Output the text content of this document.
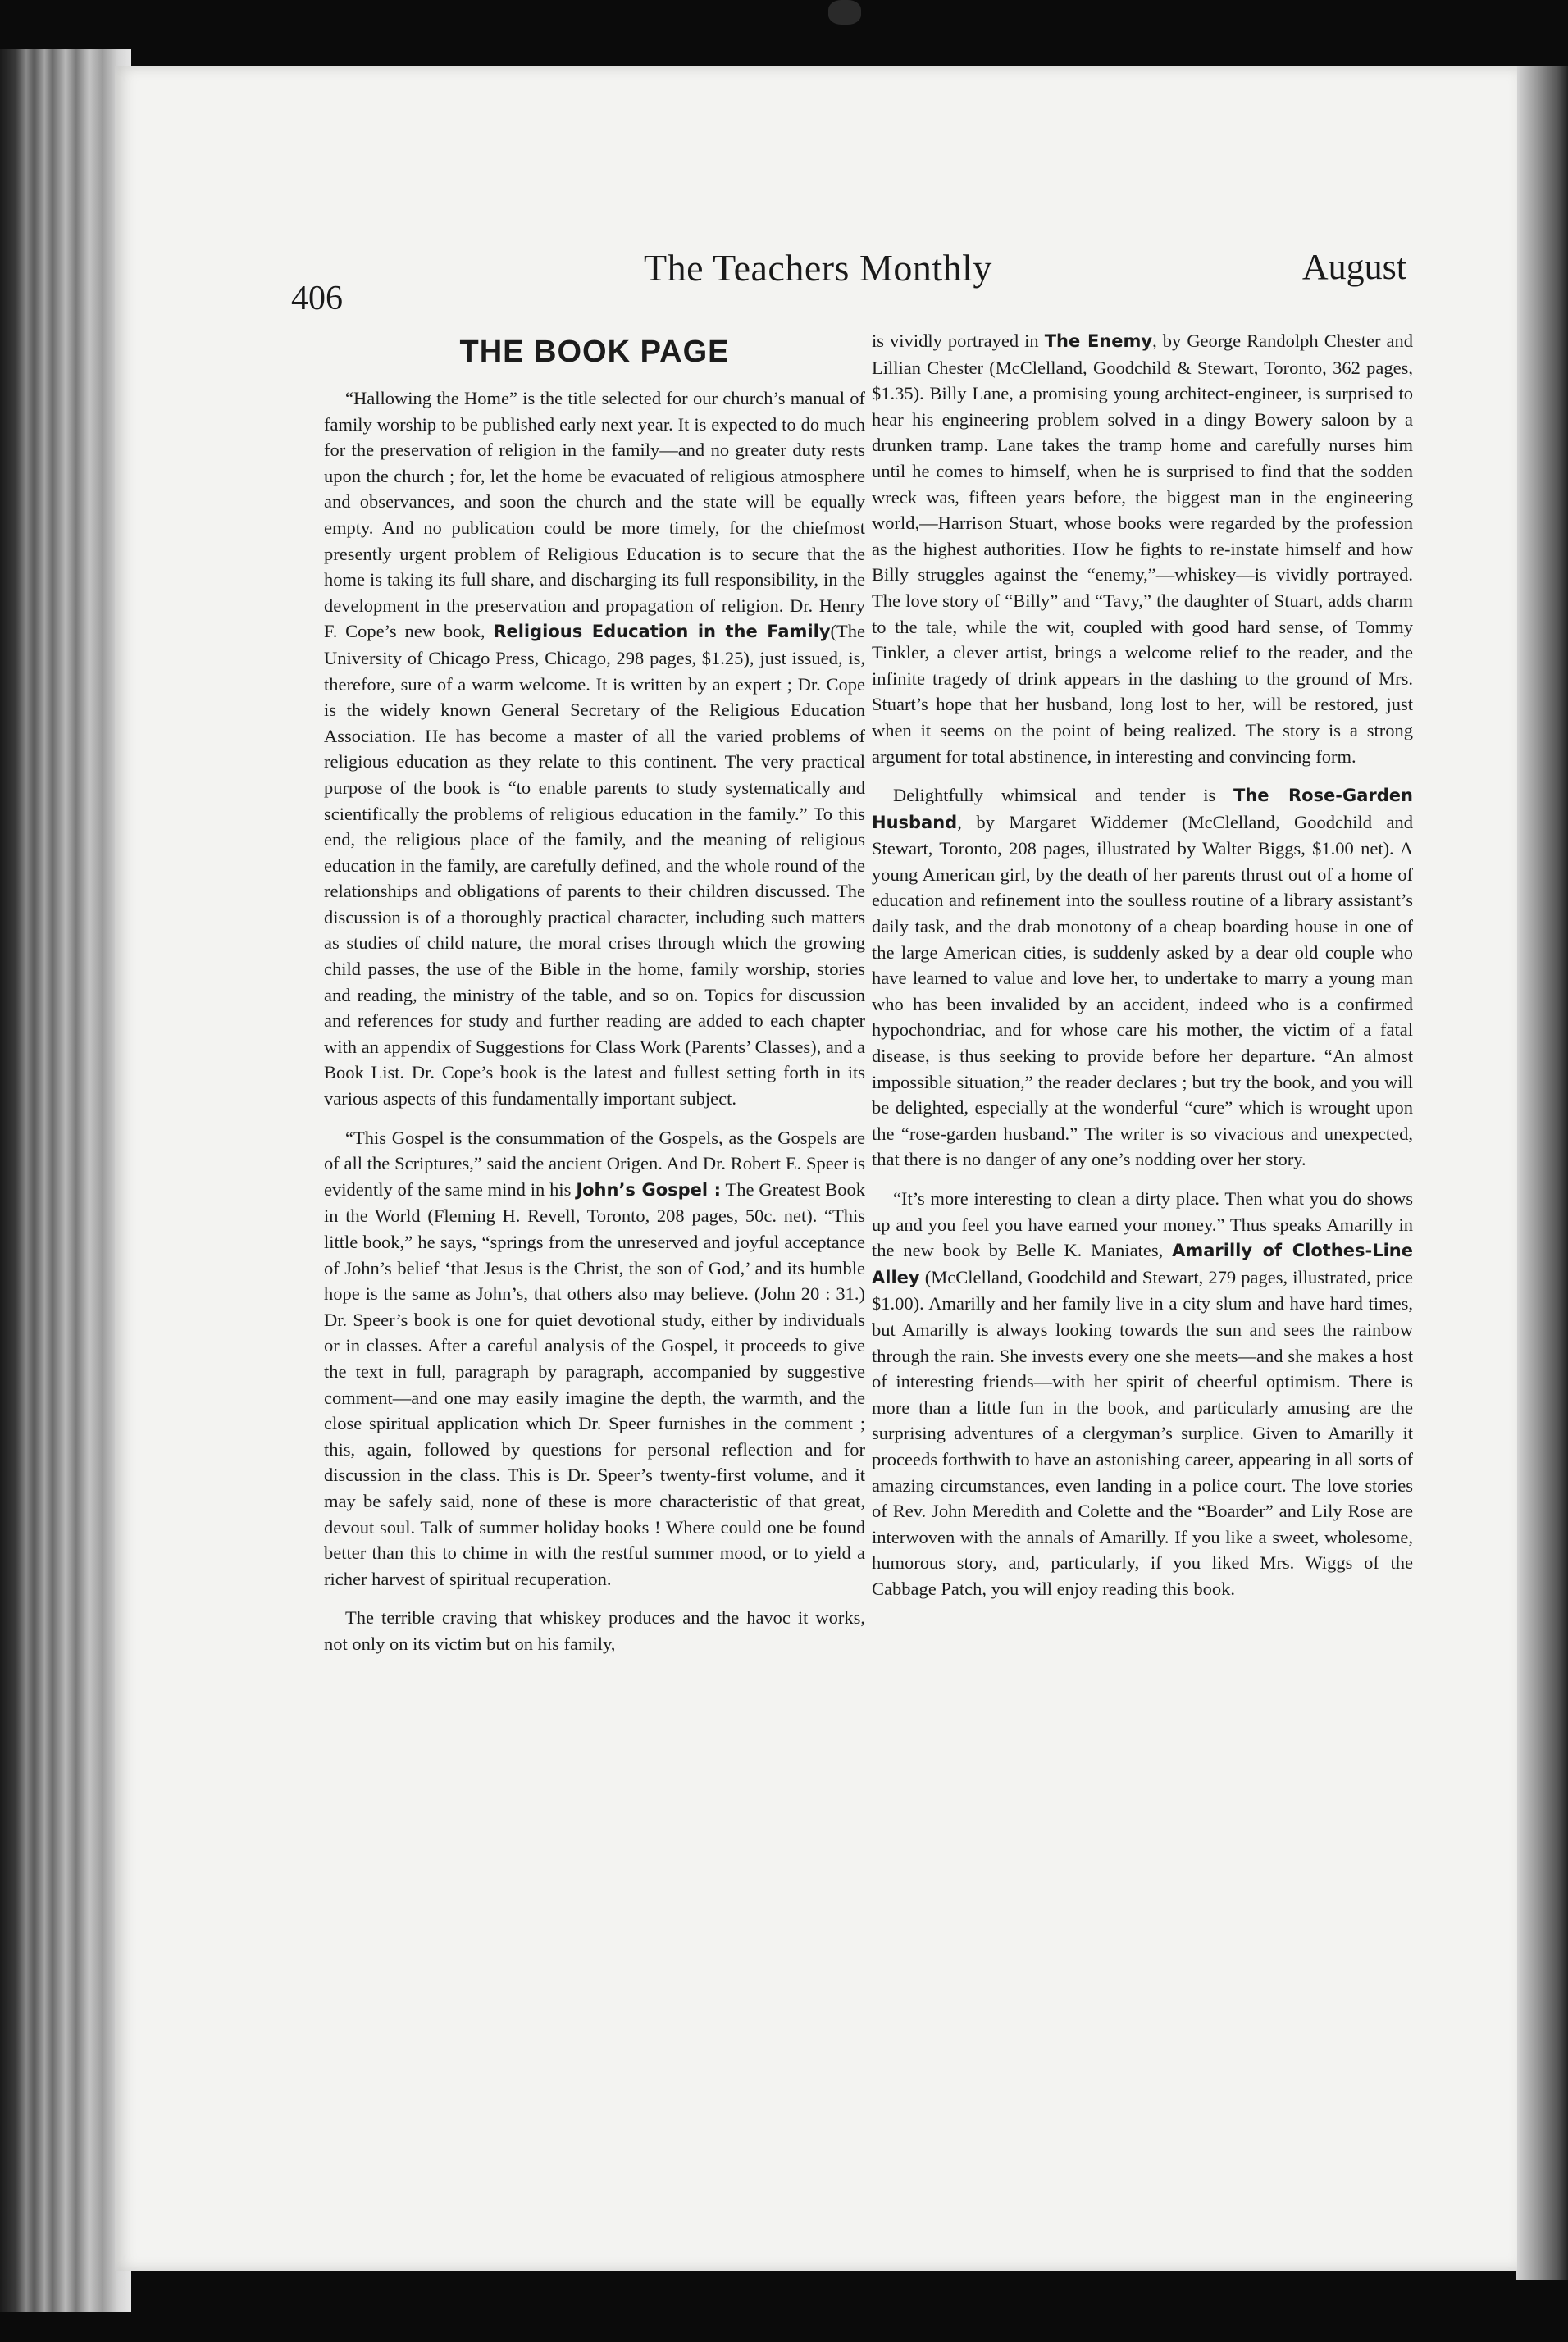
406
The Teachers Monthly	August
THE BOOK PAGE

“Hallowing the Home” is the title selected for our church’s manual of family worship to be published early next year. It is expected to do much for the preservation of religion in the family—and no greater duty rests upon the church ; for, let the home be evacuated of religious atmosphere and observances, and soon the church and the state will be equally empty. And no publication could be more timely, for the chiefmost presently urgent problem of Religious Education is to secure that the home is taking its full share, and discharging its full responsibility, in the development in the preservation and propagation of religion. Dr. Henry F. Cope’s new book, Religious Education in the Family(The University of Chicago Press, Chicago, 298 pages, $1.25), just issued, is, therefore, sure of a warm welcome. It is written by an expert ; Dr. Cope is the widely known General Secretary of the Religious Education Association. He has become a master of all the varied problems of religious education as they relate to this continent. The very practical purpose of the book is “to enable parents to study systematically and scientifically the problems of religious education in the family.” To this end, the religious place of the family, and the meaning of religious education in the family, are carefully defined, and the whole round of the relationships and obligations of parents to their children discussed. The discussion is of a thoroughly practical character, including such matters as studies of child nature, the moral crises through which the growing child passes, the use of the Bible in the home, family worship, stories and reading, the ministry of the table, and so on. Topics for discussion and references for study and further reading are added to each chapter with an appendix of Suggestions for Class Work (Parents’ Classes), and a Book List. Dr. Cope’s book is the latest and fullest setting forth in its various aspects of this fundamentally important subject.

“This Gospel is the consummation of the Gospels, as the Gospels are of all the Scriptures,” said the ancient Origen. And Dr. Robert E. Speer is evidently of the same mind in his John’s Gospel : The Greatest Book in the World (Fleming H. Revell, Toronto, 208 pages, 50c. net). “This little book,” he says, “springs from the unreserved and joyful acceptance of John’s belief ‘that Jesus is the Christ, the son of God,’ and its humble hope is the same as John’s, that others also may believe. (John 20 : 31.) Dr. Speer’s book is one for quiet devotional study, either by individuals or in classes. After a careful analysis of the Gospel, it proceeds to give the text in full, paragraph by paragraph, accompanied by suggestive comment—and one may easily imagine the depth, the warmth, and the close spiritual application which Dr. Speer furnishes in the comment ; this, again, followed by questions for personal reflection and for discussion in the class. This is Dr. Speer’s twenty-first volume, and it may be safely said, none of these is more characteristic of that great, devout soul. Talk of summer holiday books ! Where could one be found better than this to chime in with the restful summer mood, or to yield a richer harvest of spiritual recuperation.

The terrible craving that whiskey produces and the havoc it works, not only on its victim but on his family,

is vividly portrayed in The Enemy, by George Randolph Chester and Lillian Chester (McClelland, Goodchild & Stewart, Toronto, 362 pages, $1.35). Billy Lane, a promising young architect-engineer, is surprised to hear his engineering problem solved in a dingy Bowery saloon by a drunken tramp. Lane takes the tramp home and carefully nurses him until he comes to himself, when he is surprised to find that the sodden wreck was, fifteen years before, the biggest man in the engineering world,—Harrison Stuart, whose books were regarded by the profession as the highest authorities. How he fights to re-instate himself and how Billy struggles against the “enemy,”—whiskey—is vividly portrayed. The love story of “Billy” and “Tavy,” the daughter of Stuart, adds charm to the tale, while the wit, coupled with good hard sense, of Tommy Tinkler, a clever artist, brings a welcome relief to the reader, and the infinite tragedy of drink appears in the dashing to the ground of Mrs. Stuart’s hope that her husband, long lost to her, will be restored, just when it seems on the point of being realized. The story is a strong argument for total abstinence, in interesting and convincing form.

Delightfully whimsical and tender is The Rose-Garden Husband, by Margaret Widdemer (McClelland, Goodchild and Stewart, Toronto, 208 pages, illustrated by Walter Biggs, $1.00 net). A young American girl, by the death of her parents thrust out of a home of education and refinement into the soulless routine of a library assistant’s daily task, and the drab monotony of a cheap boarding house in one of the large American cities, is suddenly asked by a dear old couple who have learned to value and love her, to undertake to marry a young man who has been invalided by an accident, indeed who is a confirmed hypochondriac, and for whose care his mother, the victim of a fatal disease, is thus seeking to provide before her departure. “An almost impossible situation,” the reader declares ; but try the book, and you will be delighted, especially at the wonderful “cure” which is wrought upon the “rose-garden husband.” The writer is so vivacious and unexpected, that there is no danger of any one’s nodding over her story.

“It’s more interesting to clean a dirty place. Then what you do shows up and you feel you have earned your money.” Thus speaks Amarilly in the new book by Belle K. Maniates, Amarilly of Clothes-Line Alley (McClelland, Goodchild and Stewart, 279 pages, illustrated, price $1.00). Amarilly and her family live in a city slum and have hard times, but Amarilly is always looking towards the sun and sees the rainbow through the rain. She invests every one she meets—and she makes a host of interesting friends—with her spirit of cheerful optimism. There is more than a little fun in the book, and particularly amusing are the surprising adventures of a clergyman’s surplice. Given to Amarilly it proceeds forthwith to have an astonishing career, appearing in all sorts of amazing circumstances, even landing in a police court. The love stories of Rev. John Meredith and Colette and the “Boarder” and Lily Rose are interwoven with the annals of Amarilly. If you like a sweet, wholesome, humorous story, and, particularly, if you liked Mrs. Wiggs of the Cabbage Patch, you will enjoy reading this book.
